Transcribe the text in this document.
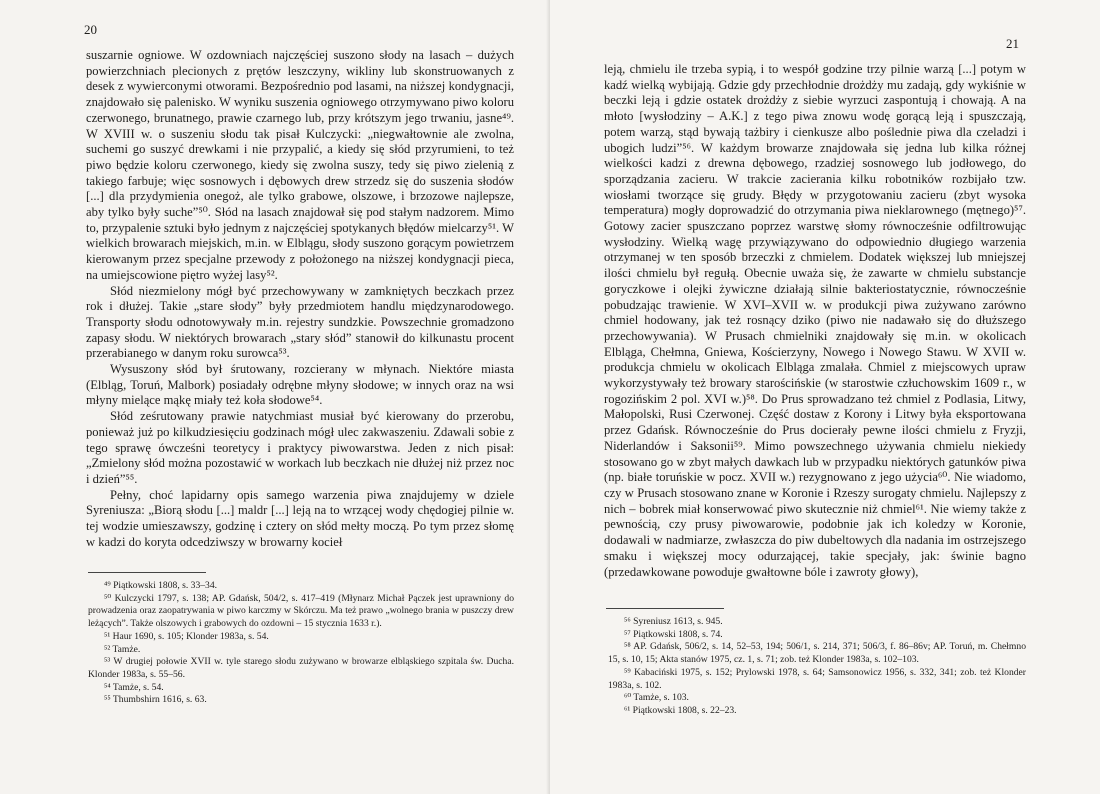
20

suszarnie ogniowe. W ozdowniach najczęściej suszono słody na lasach – dużych powierzchniach plecionych z prętów leszczyny, wikliny lub skonstruowanych z desek z wywierconymi otworami. Bezpośrednio pod lasami, na niższej kondygnacji, znajdowało się palenisko. W wyniku suszenia ogniowego otrzymywano piwo koloru czerwonego, brunatnego, prawie czarnego lub, przy krótszym jego trwaniu, jasne⁴⁹. W XVIII w. o suszeniu słodu tak pisał Kulczycki: „niegwałtownie ale zwolna, suchemi go suszyć drewkami i nie przypalić, a kiedy się słód przyrumieni, to też piwo będzie koloru czerwonego, kiedy się zwolna suszy, tedy się piwo zielenią z takiego farbuje; więc sosnowych i dębowych drew strzedz się do suszenia słodów [...] dla przydymienia onegoż, ale tylko grabowe, olszowe, i brzozowe najlepsze, aby tylko były suche”⁵⁰. Słód na lasach znajdował się pod stałym nadzorem. Mimo to, przypalenie sztuki było jednym z najczęściej spotykanych błędów mielcarzy⁵¹. W wielkich browarach miejskich, m.in. w Elblągu, słody suszono gorącym powietrzem kierowanym przez specjalne przewody z położonego na niższej kondygnacji pieca, na umiejscowione piętro wyżej lasy⁵².

Słód niezmielony mógł być przechowywany w zamkniętych beczkach przez rok i dłużej. Takie „stare słody” były przedmiotem handlu międzynarodowego. Transporty słodu odnotowywały m.in. rejestry sundzkie. Powszechnie gromadzono zapasy słodu. W niektórych browarach „stary słód” stanowił do kilkunastu procent przerabianego w danym roku surowca⁵³.

Wysuszony słód był śrutowany, rozcierany w młynach. Niektóre miasta (Elbląg, Toruń, Malbork) posiadały odrębne młyny słodowe; w innych oraz na wsi młyny mielące mąkę miały też koła słodowe⁵⁴.

Słód ześrutowany prawie natychmiast musiał być kierowany do przerobu, ponieważ już po kilkudziesięciu godzinach mógł ulec zakwaszeniu. Zdawali sobie z tego sprawę ówcześni teoretycy i praktycy piwowarstwa. Jeden z nich pisał: „Zmielony słód można pozostawić w workach lub beczkach nie dłużej niż przez noc i dzień”⁵⁵.

Pełny, choć lapidarny opis samego warzenia piwa znajdujemy w dziele Syreniusza: „Biorą słodu [...] maldr [...] leją na to wrzącej wody chędogiej pilnie w. tej wodzie umieszawszy, godzinę i cztery on słód mełty moczą. Po tym przez słomę w kadzi do koryta odcedziwszy w browarny kocieł

⁴⁹ Piątkowski 1808, s. 33–34.

⁵⁰ Kulczycki 1797, s. 138; AP. Gdańsk, 504/2, s. 417–419 (Młynarz Michał Pączek jest uprawniony do prowadzenia oraz zaopatrywania w piwo karczmy w Skórczu. Ma też prawo „wolnego brania w puszczy drew leżących”. Także olszowych i grabowych do ozdowni – 15 stycznia 1633 r.).

⁵¹ Haur 1690, s. 105; Klonder 1983a, s. 54.

⁵² Tamże.

⁵³ W drugiej połowie XVII w. tyle starego słodu zużywano w browarze elbląskiego szpitala św. Ducha. Klonder 1983a, s. 55–56.

⁵⁴ Tamże, s. 54.

⁵⁵ Thumbshirn 1616, s. 63.

21

leją, chmielu ile trzeba sypią, i to wespół godzine trzy pilnie warzą [...] potym w kadź wielką wybijają. Gdzie gdy przechłodnie drożdży mu zadają, gdy wykiśnie w beczki leją i gdzie ostatek drożdży z siebie wyrzuci zaspontują i chowają. A na młoto [wysłodziny – A.K.] z tego piwa znowu wodę gorącą leją i spuszczają, potem warzą, stąd bywają tażbiry i cienkusze albo pośledniе piwa dla czeladzi i ubogich ludzi”⁵⁶. W każdym browarze znajdowała się jedna lub kilka różnej wielkości kadzi z drewna dębowego, rzadziej sosnowego lub jodłowego, do sporządzania zacieru. W trakcie zacierania kilku robotników rozbijało tzw. wiosłami tworzące się grudy. Błędy w przygotowaniu zacieru (zbyt wysoka temperatura) mogły doprowadzić do otrzymania piwa nieklarownego (mętnego)⁵⁷. Gotowy zacier spuszczano poprzez warstwę słomy równocześnie odfiltrowując wysłodziny. Wielką wagę przywiązywano do odpowiednio długiego warzenia otrzymanej w ten sposób brzeczki z chmielem. Dodatek większej lub mniejszej ilości chmielu był regułą. Obecnie uważa się, że zawarte w chmielu substancje goryczkowe i olejki żywiczne działają silnie bakteriostatycznie, równocześnie pobudzając trawienie. W XVI–XVII w. w produkcji piwa zużywano zarówno chmiel hodowany, jak też rosnący dziko (piwo nie nadawało się do dłuższego przechowywania). W Prusach chmielniki znajdowały się m.in. w okolicach Elbląga, Chełmna, Gniewa, Kościerzyny, Nowego i Nowego Stawu. W XVII w. produkcja chmielu w okolicach Elbląga zmalała. Chmiel z miejscowych upraw wykorzystywały też browary starościńskie (w starostwie człuchowskim 1609 r., w rogozińskim 2 pol. XVI w.)⁵⁸. Do Prus sprowadzano też chmiel z Podlasia, Litwy, Małopolski, Rusi Czerwonej. Część dostaw z Korony i Litwy była eksportowana przez Gdańsk. Równocześnie do Prus docierały pewne ilości chmielu z Fryzji, Niderlandów i Saksonii⁵⁹. Mimo powszechnego używania chmielu niekiedy stosowano go w zbyt małych dawkach lub w przypadku niektórych gatunków piwa (np. białe toruńskie w pocz. XVII w.) rezygnowano z jego użycia⁶⁰. Nie wiadomo, czy w Prusach stosowano znane w Koronie i Rzeszy surogaty chmielu. Najlepszy z nich – bobrek miał konserwować piwo skutecznie niż chmiel⁶¹. Nie wiemy także z pewnością, czy prusy piwowarowie, podobnie jak ich koledzy w Koronie, dodawali w nadmiarze, zwłaszcza do piw dubeltowych dla nadania im ostrzejszego smaku i większej mocy odurzającej, takie specjały, jak: świnie bagno (przedawkowane powoduje gwałtowne bóle i zawroty głowy),

⁵⁶ Syreniusz 1613, s. 945.

⁵⁷ Piątkowski 1808, s. 74.

⁵⁸ AP. Gdańsk, 506/2, s. 14, 52–53, 194; 506/1, s. 214, 371; 506/3, f. 86–86v; AP. Toruń, m. Chełmno 15, s. 10, 15; Akta stanów 1975, cz. 1, s. 71; zob. też Klonder 1983a, s. 102–103.

⁵⁹ Kabaciński 1975, s. 152; Prylowski 1978, s. 64; Samsonowicz 1956, s. 332, 341; zob. też Klonder 1983a, s. 102.

⁶⁰ Tamże, s. 103.

⁶¹ Piątkowski 1808, s. 22–23.
